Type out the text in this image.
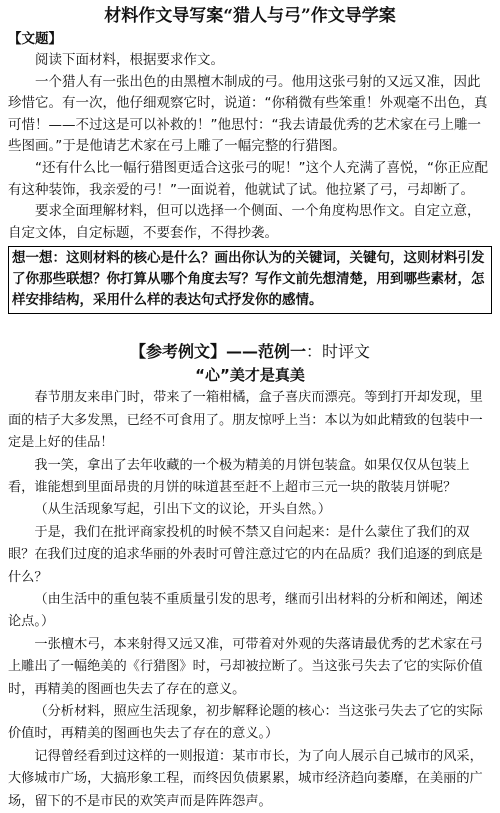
材料作文导写案“猎人与弓”作文导学案
【文题】

阅读下面材料，根据要求作文。

一个猎人有一张出色的由黑檀木制成的弓。他用这张弓射的又远又准，因此珍惜它。有一次，他仔细观察它时，说道：“你稍微有些笨重！外观毫不出色，真可惜！——不过这是可以补救的！”他思忖：“我去请最优秀的艺术家在弓上雕一些图画。”于是他请艺术家在弓上雕了一幅完整的行猎图。

“还有什么比一幅行猎图更适合这张弓的呢！”这个人充满了喜悦，“你正应配有这种装饰，我亲爱的弓！”一面说着，他就试了试。他拉紧了弓，弓却断了。

要求全面理解材料，但可以选择一个侧面、一个角度构思作文。自定立意，自定文体，自定标题，不要套作，不得抄袭。

想一想：这则材料的核心是什么？画出你认为的关键词，关键句，这则材料引发了你那些联想？你打算从哪个角度去写？写作文前先想清楚，用到哪些素材，怎样安排结构，采用什么样的表达句式抒发你的感情。

【参考例文】——范例一：时评文
“心”美才是真美

春节朋友来串门时，带来了一箱柑橘，盒子喜庆而漂亮。等到打开却发现，里面的桔子大多发黑，已经不可食用了。朋友惊呼上当：本以为如此精致的包装中一定是上好的佳品！

我一笑，拿出了去年收藏的一个极为精美的月饼包装盒。如果仅仅从包装上看，谁能想到里面昂贵的月饼的味道甚至赶不上超市三元一块的散装月饼呢？

（从生活现象写起，引出下文的议论，开头自然。）

于是，我们在批评商家投机的时候不禁又自问起来：是什么蒙住了我们的双眼？在我们过度的追求华丽的外表时可曾注意过它的内在品质？我们追逐的到底是什么？

（由生活中的重包装不重质量引发的思考，继而引出材料的分析和阐述，阐述论点。）

一张檀木弓，本来射得又远又准，可带着对外观的失落请最优秀的艺术家在弓上雕出了一幅绝美的《行猎图》时，弓却被拉断了。当这张弓失去了它的实际价值时，再精美的图画也失去了存在的意义。

（分析材料，照应生活现象，初步解释论题的核心：当这张弓失去了它的实际价值时，再精美的图画也失去了存在的意义。）

记得曾经看到过这样的一则报道：某市市长，为了向人展示自己城市的风采，大修城市广场，大搞形象工程，而终因负债累累，城市经济趋向萎靡，在美丽的广场，留下的不是市民的欢笑声而是阵阵怨声。
